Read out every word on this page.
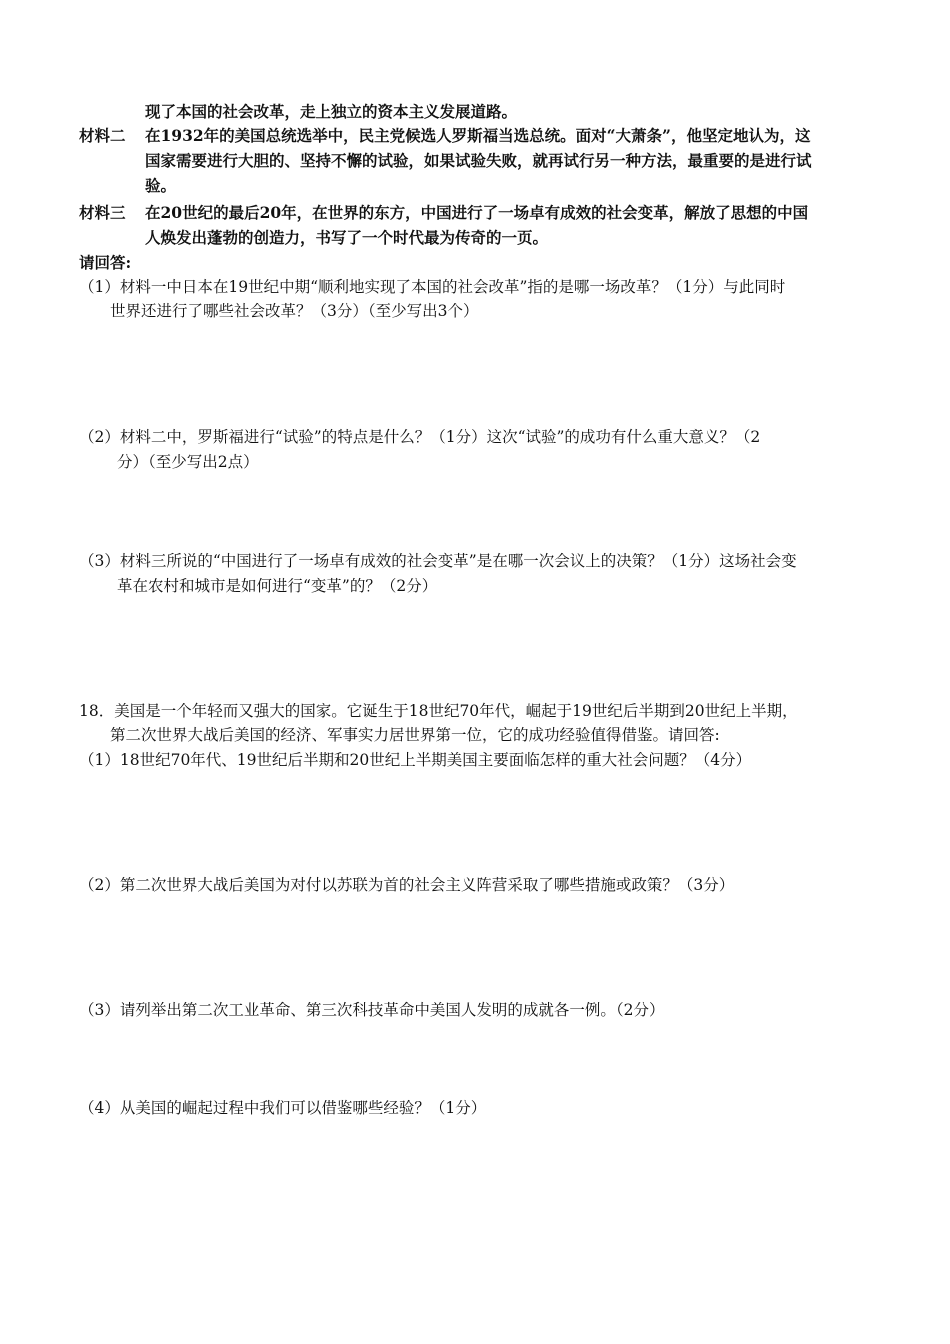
现了本国的社会改革，走上独立的资本主义发展道路。
材料二 在1932年的美国总统选举中，民主党候选人罗斯福当选总统。面对“大萧条”，他坚定地认为，这
国家需要进行大胆的、坚持不懈的试验，如果试验失败，就再试行另一种方法，最重要的是进行试
验。
材料三 在20世纪的最后20年，在世界的东方，中国进行了一场卓有成效的社会变革，解放了思想的中国
人焕发出蓬勃的创造力，书写了一个时代最为传奇的一页。
请回答:
（1）材料一中日本在19世纪中期“顺利地实现了本国的社会改革”指的是哪一场改革？（1分）与此同时
世界还进行了哪些社会改革？（3分）（至少写出3个）
（2）材料二中，罗斯福进行“试验”的特点是什么？（1分）这次“试验”的成功有什么重大意义？（2
分）（至少写出2点）
（3）材料三所说的“中国进行了一场卓有成效的社会变革”是在哪一次会议上的决策？（1分）这场社会变
革在农村和城市是如何进行“变革”的？（2分）
18．美国是一个年轻而又强大的国家。它诞生于18世纪70年代，崛起于19世纪后半期到20世纪上半期，
第二次世界大战后美国的经济、军事实力居世界第一位，它的成功经验值得借鉴。请回答:
（1）18世纪70年代、19世纪后半期和20世纪上半期美国主要面临怎样的重大社会问题？（4分）
（2）第二次世界大战后美国为对付以苏联为首的社会主义阵营采取了哪些措施或政策？（3分）
（3）请列举出第二次工业革命、第三次科技革命中美国人发明的成就各一例。（2分）
（4）从美国的崛起过程中我们可以借鉴哪些经验？（1分）
